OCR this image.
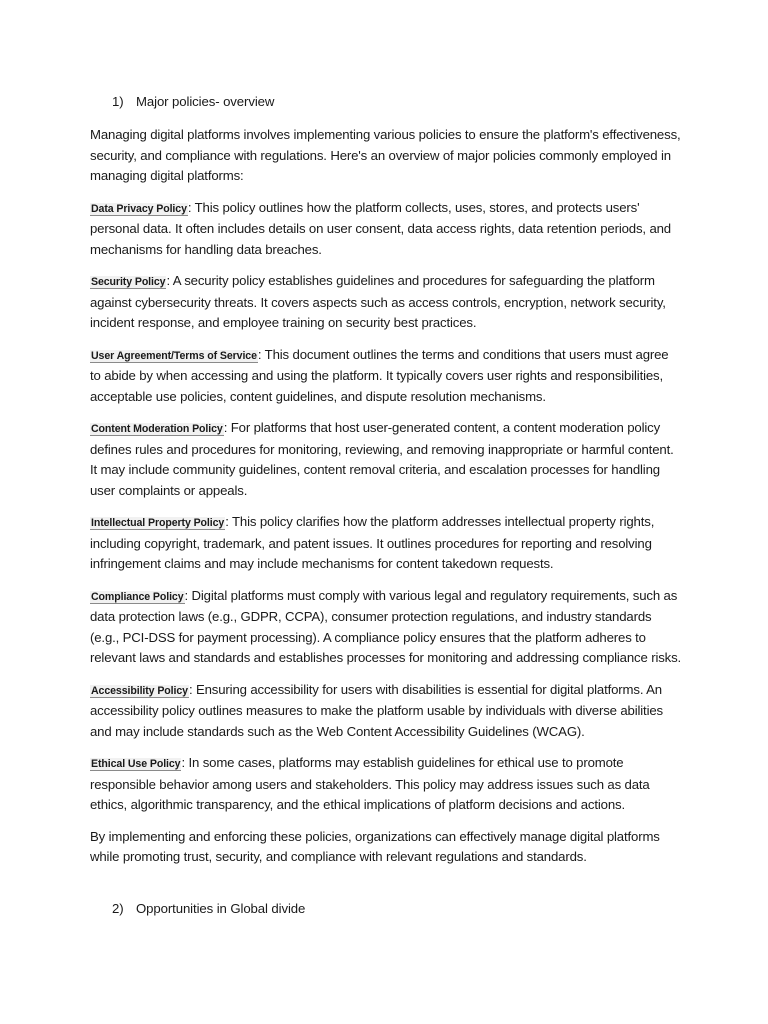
1) Major policies- overview

Managing digital platforms involves implementing various policies to ensure the platform's effectiveness, security, and compliance with regulations. Here's an overview of major policies commonly employed in managing digital platforms:

Data Privacy Policy: This policy outlines how the platform collects, uses, stores, and protects users' personal data. It often includes details on user consent, data access rights, data retention periods, and mechanisms for handling data breaches.

Security Policy: A security policy establishes guidelines and procedures for safeguarding the platform against cybersecurity threats. It covers aspects such as access controls, encryption, network security, incident response, and employee training on security best practices.

User Agreement/Terms of Service: This document outlines the terms and conditions that users must agree to abide by when accessing and using the platform. It typically covers user rights and responsibilities, acceptable use policies, content guidelines, and dispute resolution mechanisms.

Content Moderation Policy: For platforms that host user-generated content, a content moderation policy defines rules and procedures for monitoring, reviewing, and removing inappropriate or harmful content. It may include community guidelines, content removal criteria, and escalation processes for handling user complaints or appeals.

Intellectual Property Policy: This policy clarifies how the platform addresses intellectual property rights, including copyright, trademark, and patent issues. It outlines procedures for reporting and resolving infringement claims and may include mechanisms for content takedown requests.

Compliance Policy: Digital platforms must comply with various legal and regulatory requirements, such as data protection laws (e.g., GDPR, CCPA), consumer protection regulations, and industry standards (e.g., PCI-DSS for payment processing). A compliance policy ensures that the platform adheres to relevant laws and standards and establishes processes for monitoring and addressing compliance risks.

Accessibility Policy: Ensuring accessibility for users with disabilities is essential for digital platforms. An accessibility policy outlines measures to make the platform usable by individuals with diverse abilities and may include standards such as the Web Content Accessibility Guidelines (WCAG).

Ethical Use Policy: In some cases, platforms may establish guidelines for ethical use to promote responsible behavior among users and stakeholders. This policy may address issues such as data ethics, algorithmic transparency, and the ethical implications of platform decisions and actions.

By implementing and enforcing these policies, organizations can effectively manage digital platforms while promoting trust, security, and compliance with relevant regulations and standards.

2) Opportunities in Global divide
